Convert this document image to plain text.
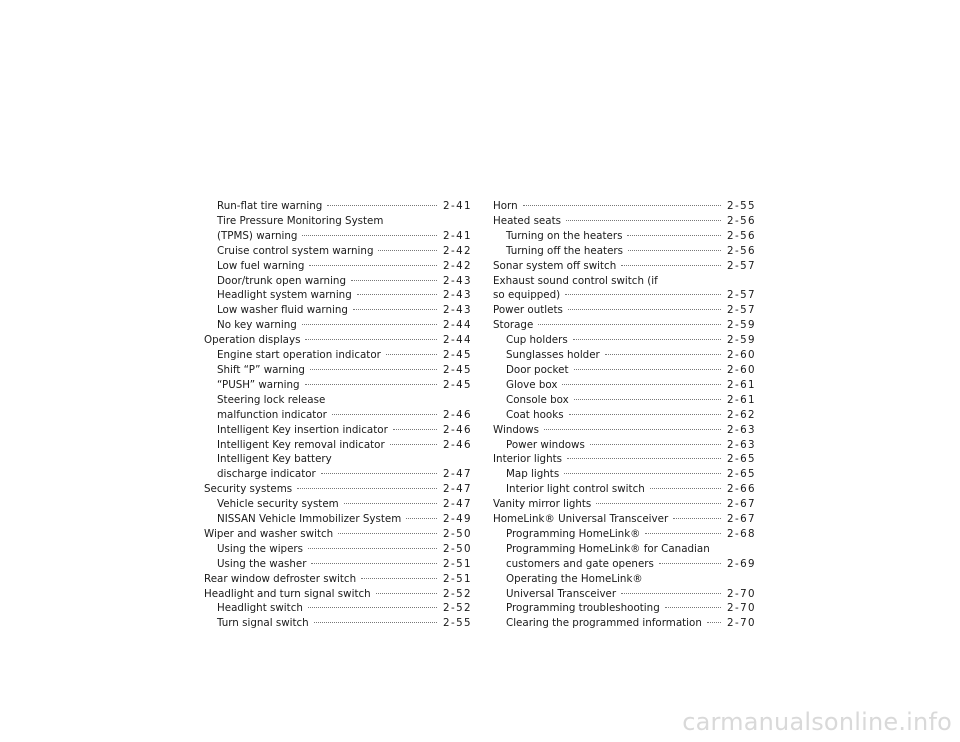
Run-flat tire warning	2-41
Tire Pressure Monitoring System
(TPMS) warning	2-41
Cruise control system warning	2-42
Low fuel warning	2-42
Door/trunk open warning	2-43
Headlight system warning	2-43
Low washer fluid warning	2-43
No key warning	2-44
Operation displays	2-44
Engine start operation indicator	2-45
Shift “P” warning	2-45
“PUSH” warning	2-45
Steering lock release
malfunction indicator	2-46
Intelligent Key insertion indicator	2-46
Intelligent Key removal indicator	2-46
Intelligent Key battery
discharge indicator	2-47
Security systems	2-47
Vehicle security system	2-47
NISSAN Vehicle Immobilizer System	2-49
Wiper and washer switch	2-50
Using the wipers	2-50
Using the washer	2-51
Rear window defroster switch	2-51
Headlight and turn signal switch	2-52
Headlight switch	2-52
Turn signal switch	2-55
Horn	2-55
Heated seats	2-56
Turning on the heaters	2-56
Turning off the heaters	2-56
Sonar system off switch	2-57
Exhaust sound control switch (if
so equipped)	2-57
Power outlets	2-57
Storage	2-59
Cup holders	2-59
Sunglasses holder	2-60
Door pocket	2-60
Glove box	2-61
Console box	2-61
Coat hooks	2-62
Windows	2-63
Power windows	2-63
Interior lights	2-65
Map lights	2-65
Interior light control switch	2-66
Vanity mirror lights	2-67
HomeLink® Universal Transceiver	2-67
Programming HomeLink®	2-68
Programming HomeLink® for Canadian
customers and gate openers	2-69
Operating the HomeLink®
Universal Transceiver	2-70
Programming troubleshooting	2-70
Clearing the programmed information 2-70
carmanualsonline.info
